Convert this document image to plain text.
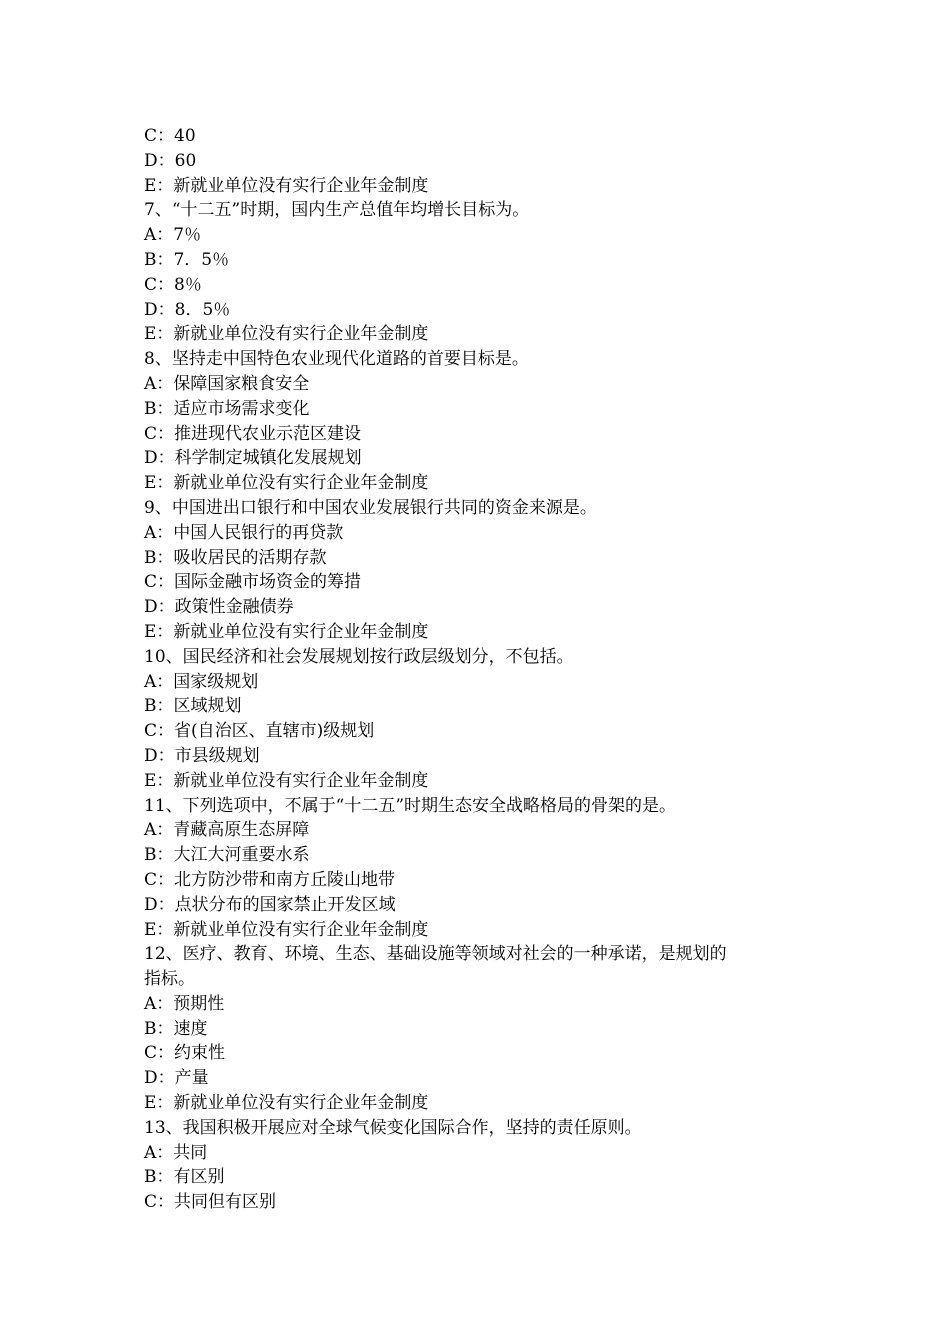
C：40
D：60
E：新就业单位没有实行企业年金制度
7、“十二五”时期，国内生产总值年均增长目标为。
A：7％
B：7．5％
C：8％
D：8．5％
E：新就业单位没有实行企业年金制度
8、坚持走中国特色农业现代化道路的首要目标是。
A：保障国家粮食安全
B：适应市场需求变化
C：推进现代农业示范区建设
D：科学制定城镇化发展规划
E：新就业单位没有实行企业年金制度
9、中国进出口银行和中国农业发展银行共同的资金来源是。
A：中国人民银行的再贷款
B：吸收居民的活期存款
C：国际金融市场资金的筹措
D：政策性金融债券
E：新就业单位没有实行企业年金制度
10、国民经济和社会发展规划按行政层级划分，不包括。
A：国家级规划
B：区域规划
C：省(自治区、直辖市)级规划
D：市县级规划
E：新就业单位没有实行企业年金制度
11、下列选项中，不属于“十二五”时期生态安全战略格局的骨架的是。
A：青藏高原生态屏障
B：大江大河重要水系
C：北方防沙带和南方丘陵山地带
D：点状分布的国家禁止开发区域
E：新就业单位没有实行企业年金制度
12、医疗、教育、环境、生态、基础设施等领域对社会的一种承诺，是规划的
指标。
A：预期性
B：速度
C：约束性
D：产量
E：新就业单位没有实行企业年金制度
13、我国积极开展应对全球气候变化国际合作，坚持的责任原则。
A：共同
B：有区别
C：共同但有区别
